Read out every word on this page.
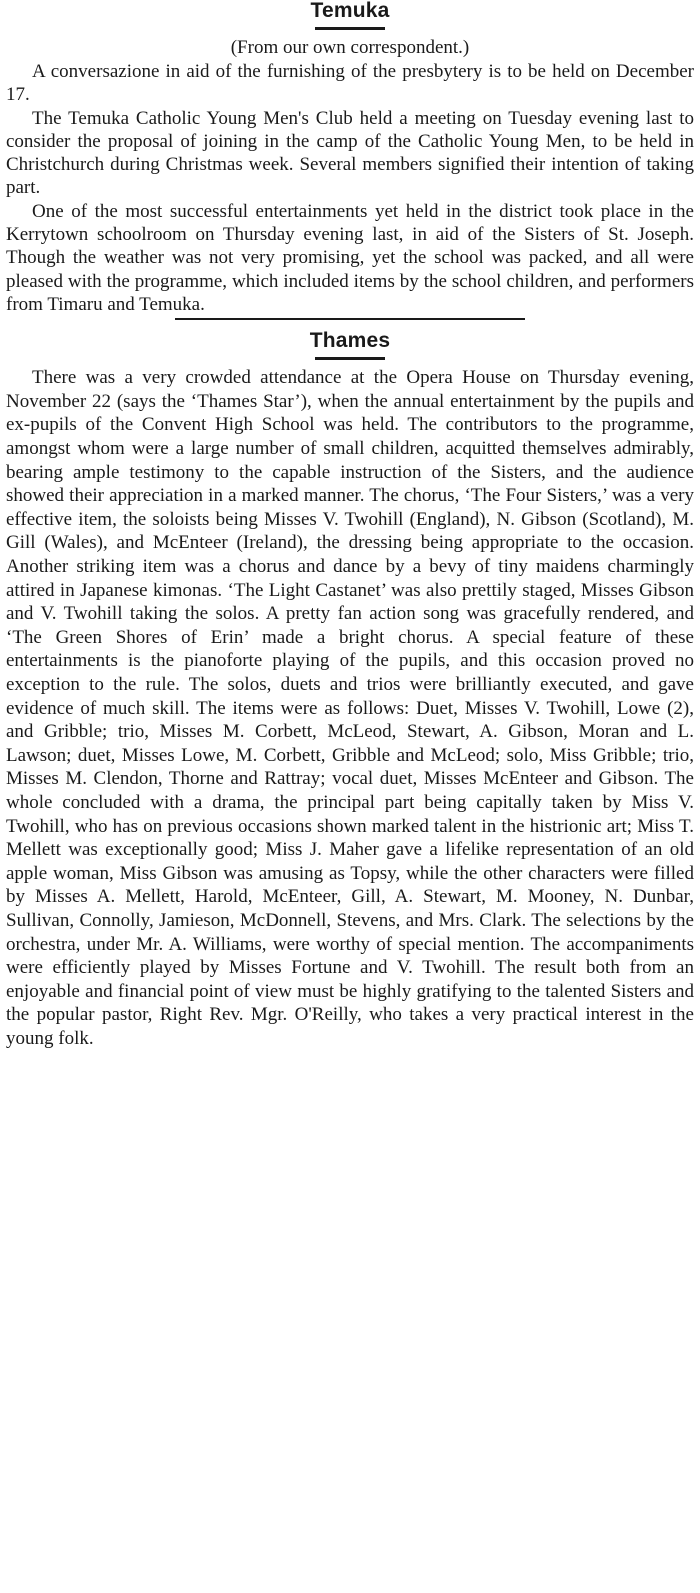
Temuka
(From our own correspondent.)

A conversazione in aid of the furnishing of the presbytery is to be held on December 17.

The Temuka Catholic Young Men's Club held a meeting on Tuesday evening last to consider the proposal of joining in the camp of the Catholic Young Men, to be held in Christchurch during Christmas week. Several members signified their intention of taking part.

One of the most successful entertainments yet held in the district took place in the Kerrytown schoolroom on Thursday evening last, in aid of the Sisters of St. Joseph. Though the weather was not very promising, yet the school was packed, and all were pleased with the programme, which included items by the school children, and performers from Timaru and Temuka.

Thames

There was a very crowded attendance at the Opera House on Thursday evening, November 22 (says the ‘Thames Star’), when the annual entertainment by the pupils and ex-pupils of the Convent High School was held. The contributors to the programme, amongst whom were a large number of small children, acquitted themselves admirably, bearing ample testimony to the capable instruction of the Sisters, and the audience showed their appreciation in a marked manner. The chorus, ‘The Four Sisters,’ was a very effective item, the soloists being Misses V. Twohill (England), N. Gibson (Scotland), M. Gill (Wales), and McEnteer (Ireland), the dressing being appropriate to the occasion. Another striking item was a chorus and dance by a bevy of tiny maidens charmingly attired in Japanese kimonas. ‘The Light Castanet’ was also prettily staged, Misses Gibson and V. Twohill taking the solos. A pretty fan action song was gracefully rendered, and ‘The Green Shores of Erin’ made a bright chorus. A special feature of these entertainments is the pianoforte playing of the pupils, and this occasion proved no exception to the rule. The solos, duets and trios were brilliantly executed, and gave evidence of much skill. The items were as follows: Duet, Misses V. Twohill, Lowe (2), and Gribble; trio, Misses M. Corbett, McLeod, Stewart, A. Gibson, Moran and L. Lawson; duet, Misses Lowe, M. Corbett, Gribble and McLeod; solo, Miss Gribble; trio, Misses M. Clendon, Thorne and Rattray; vocal duet, Misses McEnteer and Gibson. The whole concluded with a drama, the principal part being capitally taken by Miss V. Twohill, who has on previous occasions shown marked talent in the histrionic art; Miss T. Mellett was exceptionally good; Miss J. Maher gave a lifelike representation of an old apple woman, Miss Gibson was amusing as Topsy, while the other characters were filled by Misses A. Mellett, Harold, McEnteer, Gill, A. Stewart, M. Mooney, N. Dunbar, Sullivan, Connolly, Jamieson, McDonnell, Stevens, and Mrs. Clark. The selections by the orchestra, under Mr. A. Williams, were worthy of special mention. The accompaniments were efficiently played by Misses Fortune and V. Twohill. The result both from an enjoyable and financial point of view must be highly gratifying to the talented Sisters and the popular pastor, Right Rev. Mgr. O'Reilly, who takes a very practical interest in the young folk.
